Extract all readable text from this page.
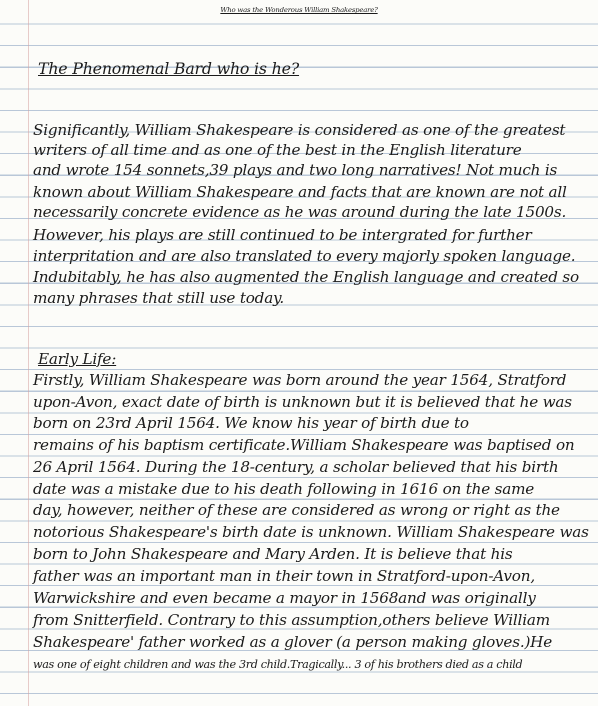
Who was the Wonderous William Shakespeare?
The Phenomenal Bard who is he?
Significantly, William Shakespeare is considered as one of the greatest
writers of all time and as one of the best in the English literature
and wrote 154 sonnets,39 plays and two long narratives! Not much is
known about William Shakespeare and facts that are known are not all
necessarily concrete evidence as he was around during the late 1500s.
However, his plays are still continued to be intergrated for further
interpritation and are also translated to every majorly spoken language.
Indubitably, he has also augmented the English language and created so
many phrases that still use today.
Early Life:
Firstly, William Shakespeare was born around the year 1564, Stratford
upon-Avon, exact date of birth is unknown but it is believed that he was
born on 23rd April 1564. We know his year of birth due to
remains of his baptism certificate.William Shakespeare was baptised on
26 April 1564. During the 18-century, a scholar believed that his birth
date was a mistake due to his death following in 1616 on the same
day, however, neither of these are considered as wrong or right as the
notorious Shakespeare's birth date is unknown. William Shakespeare was
born to John Shakespeare and Mary Arden. It is believe that his
father was an important man in their town in Stratford-upon-Avon,
Warwickshire and even became a mayor in 1568and was originally
from Snitterfield. Contrary to this assumption,others believe William
Shakespeare' father worked as a glover (a person making gloves.)He
was one of eight children and was the 3rd child.Tragically... 3 of his brothers died as a child
